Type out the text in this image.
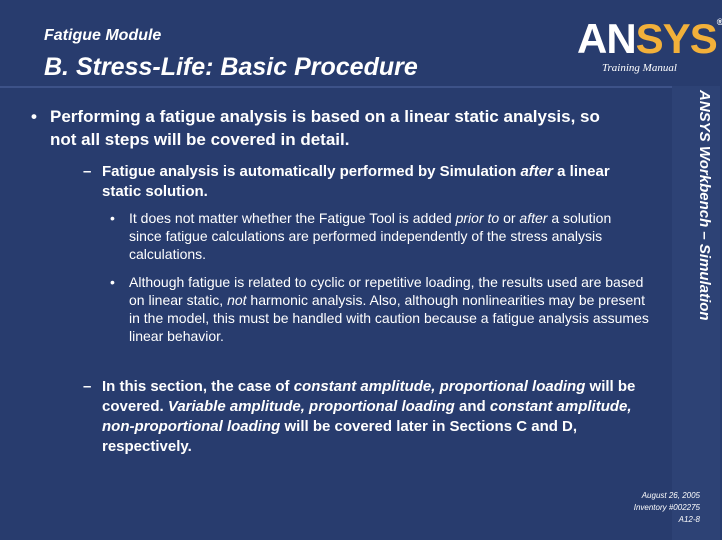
Fatigue Module
B. Stress-Life: Basic Procedure
ANSYS®
Training Manual
ANSYS Workbench – Simulation

• Performing a fatigue analysis is based on a linear static analysis, so not all steps will be covered in detail.

– Fatigue analysis is automatically performed by Simulation after a linear static solution.

• It does not matter whether the Fatigue Tool is added prior to or after a solution since fatigue calculations are performed independently of the stress analysis calculations.

• Although fatigue is related to cyclic or repetitive loading, the results used are based on linear static, not harmonic analysis. Also, although nonlinearities may be present in the model, this must be handled with caution because a fatigue analysis assumes linear behavior.

– In this section, the case of constant amplitude, proportional loading will be covered. Variable amplitude, proportional loading and constant amplitude, non-proportional loading will be covered later in Sections C and D, respectively.

August 26, 2005
Inventory #002275
A12-8
